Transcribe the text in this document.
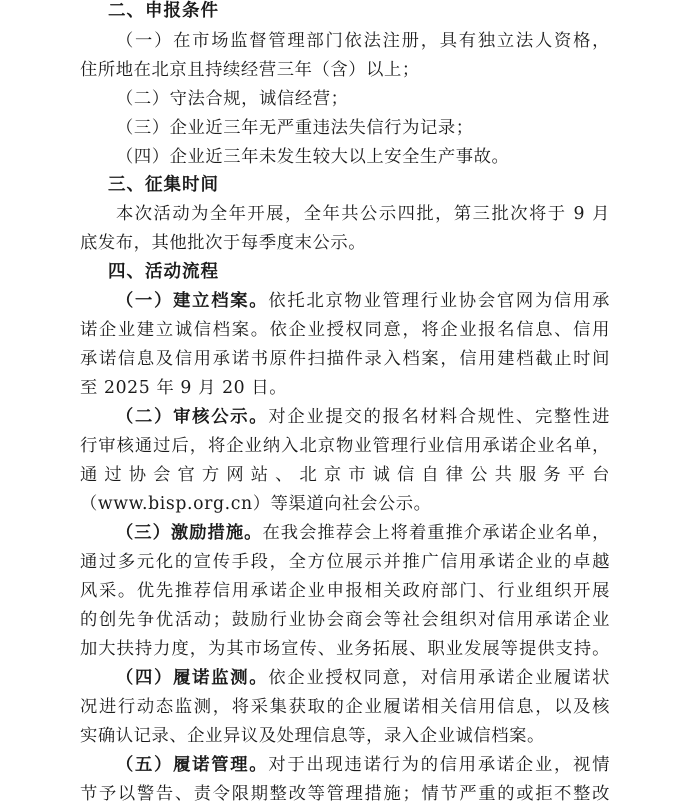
二、申报条件
（一）在市场监督管理部门依法注册，具有独立法人资格，
住所地在北京且持续经营三年（含）以上；
（二）守法合规，诚信经营；
（三）企业近三年无严重违法失信行为记录；
（四）企业近三年未发生较大以上安全生产事故。
三、征集时间
本次活动为全年开展，全年共公示四批，第三批次将于 9 月
底发布，其他批次于每季度末公示。
四、活动流程
（一）建立档案。依托北京物业管理行业协会官网为信用承
诺企业建立诚信档案。依企业授权同意，将企业报名信息、信用
承诺信息及信用承诺书原件扫描件录入档案，信用建档截止时间
至 2025 年 9 月 20 日。
（二）审核公示。对企业提交的报名材料合规性、完整性进
行审核通过后，将企业纳入北京物业管理行业信用承诺企业名单，
通过协会官方网站、北京市诚信自律公共服务平台
（www.bisp.org.cn）等渠道向社会公示。
（三）激励措施。在我会推荐会上将着重推介承诺企业名单，
通过多元化的宣传手段，全方位展示并推广信用承诺企业的卓越
风采。优先推荐信用承诺企业申报相关政府部门、行业组织开展
的创先争优活动；鼓励行业协会商会等社会组织对信用承诺企业
加大扶持力度，为其市场宣传、业务拓展、职业发展等提供支持。
（四）履诺监测。依企业授权同意，对信用承诺企业履诺状
况进行动态监测，将采集获取的企业履诺相关信用信息，以及核
实确认记录、企业异议及处理信息等，录入企业诚信档案。
（五）履诺管理。对于出现违诺行为的信用承诺企业，视情
节予以警告、责令限期整改等管理措施；情节严重的或拒不整改
